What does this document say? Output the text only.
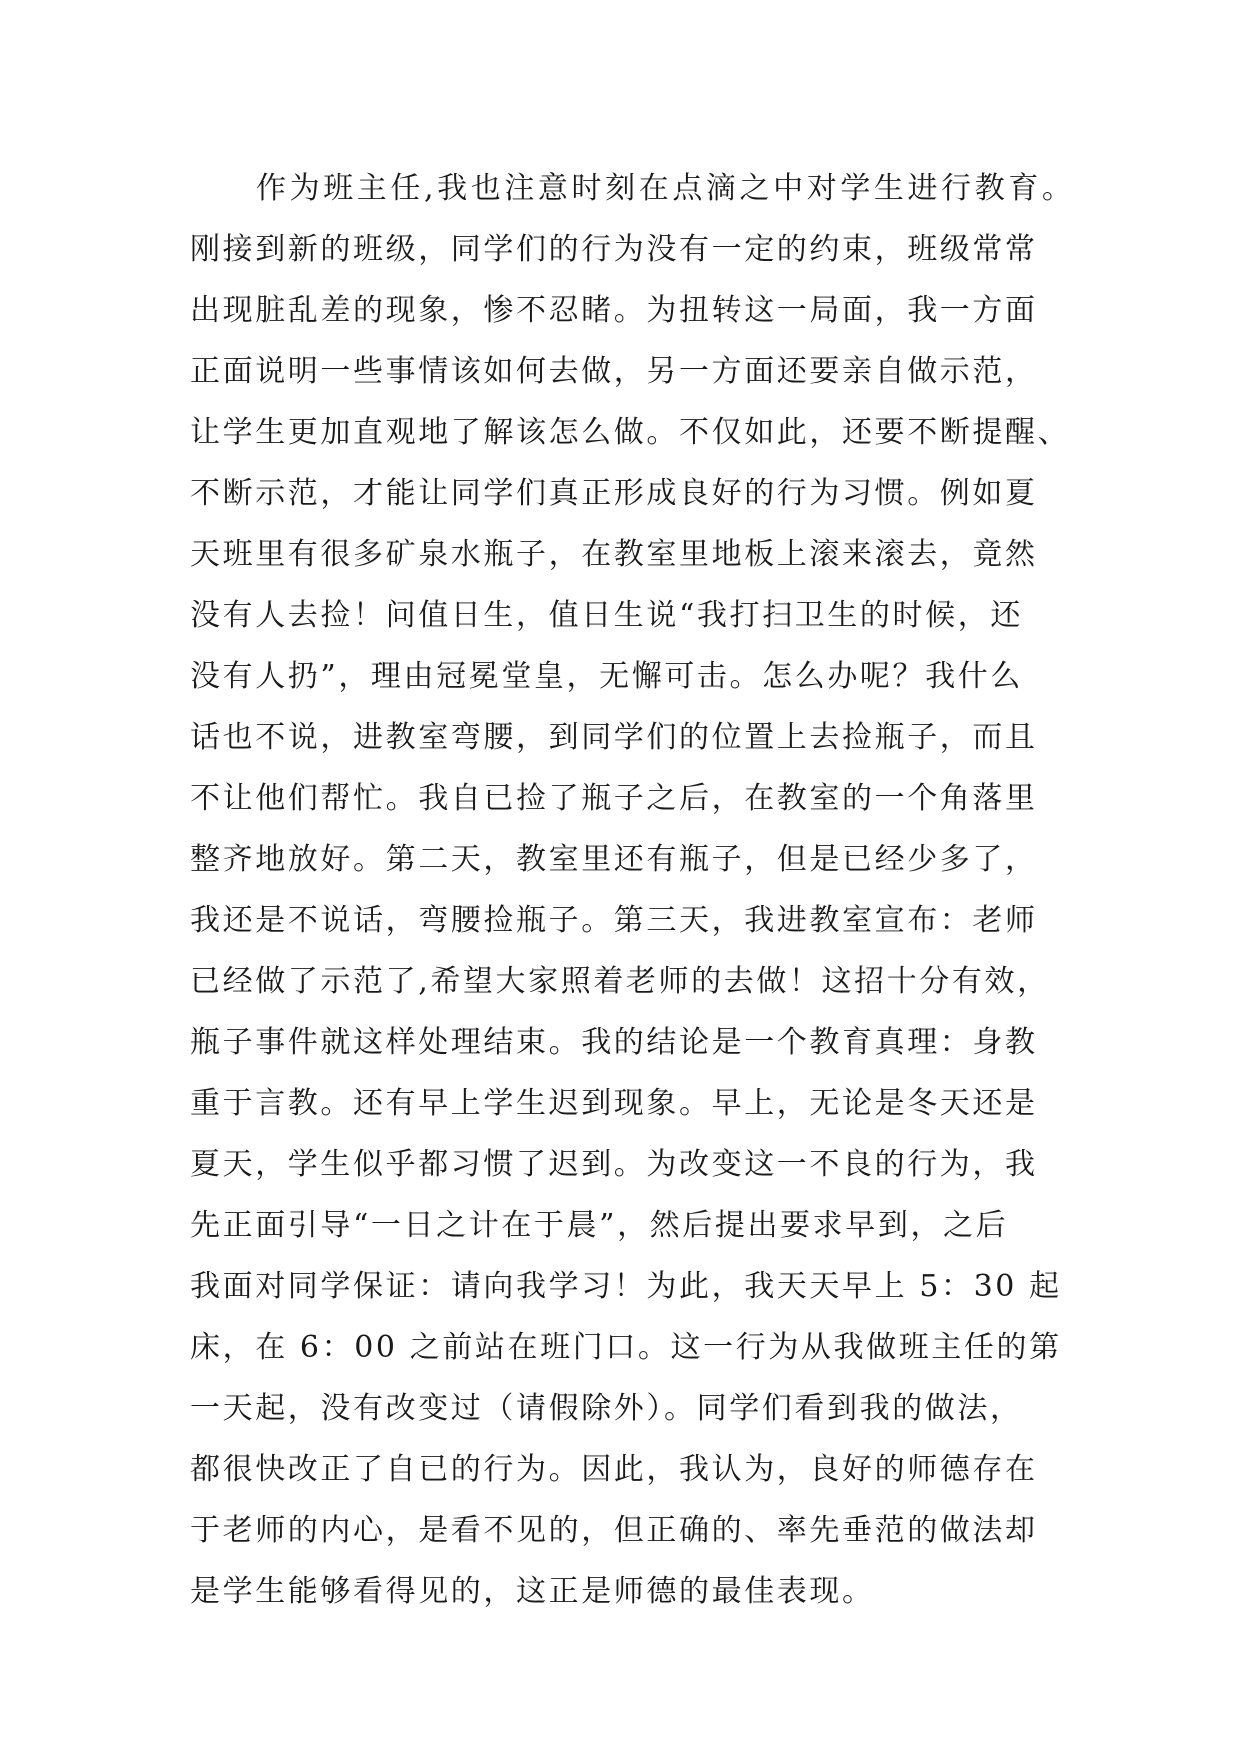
作为班主任,我也注意时刻在点滴之中对学生进行教育。
刚接到新的班级，同学们的行为没有一定的约束，班级常常
出现脏乱差的现象，惨不忍睹。为扭转这一局面，我一方面
正面说明一些事情该如何去做，另一方面还要亲自做示范，
让学生更加直观地了解该怎么做。不仅如此，还要不断提醒、
不断示范，才能让同学们真正形成良好的行为习惯。例如夏
天班里有很多矿泉水瓶子，在教室里地板上滚来滚去，竟然
没有人去捡！问值日生，值日生说“我打扫卫生的时候，还
没有人扔”，理由冠冕堂皇，无懈可击。怎么办呢？我什么
话也不说，进教室弯腰，到同学们的位置上去捡瓶子，而且
不让他们帮忙。我自已捡了瓶子之后，在教室的一个角落里
整齐地放好。第二天，教室里还有瓶子，但是已经少多了，
我还是不说话，弯腰捡瓶子。第三天，我进教室宣布：老师
已经做了示范了,希望大家照着老师的去做！这招十分有效，
瓶子事件就这样处理结束。我的结论是一个教育真理：身教
重于言教。还有早上学生迟到现象。早上，无论是冬天还是
夏天，学生似乎都习惯了迟到。为改变这一不良的行为，我
先正面引导“一日之计在于晨”，然后提出要求早到，之后
我面对同学保证：请向我学习！为此，我天天早上 5：30 起
床，在 6：00 之前站在班门口。这一行为从我做班主任的第
一天起，没有改变过（请假除外）。同学们看到我的做法，
都很快改正了自已的行为。因此，我认为，良好的师德存在
于老师的内心，是看不见的，但正确的、率先垂范的做法却
是学生能够看得见的，这正是师德的最佳表现。
